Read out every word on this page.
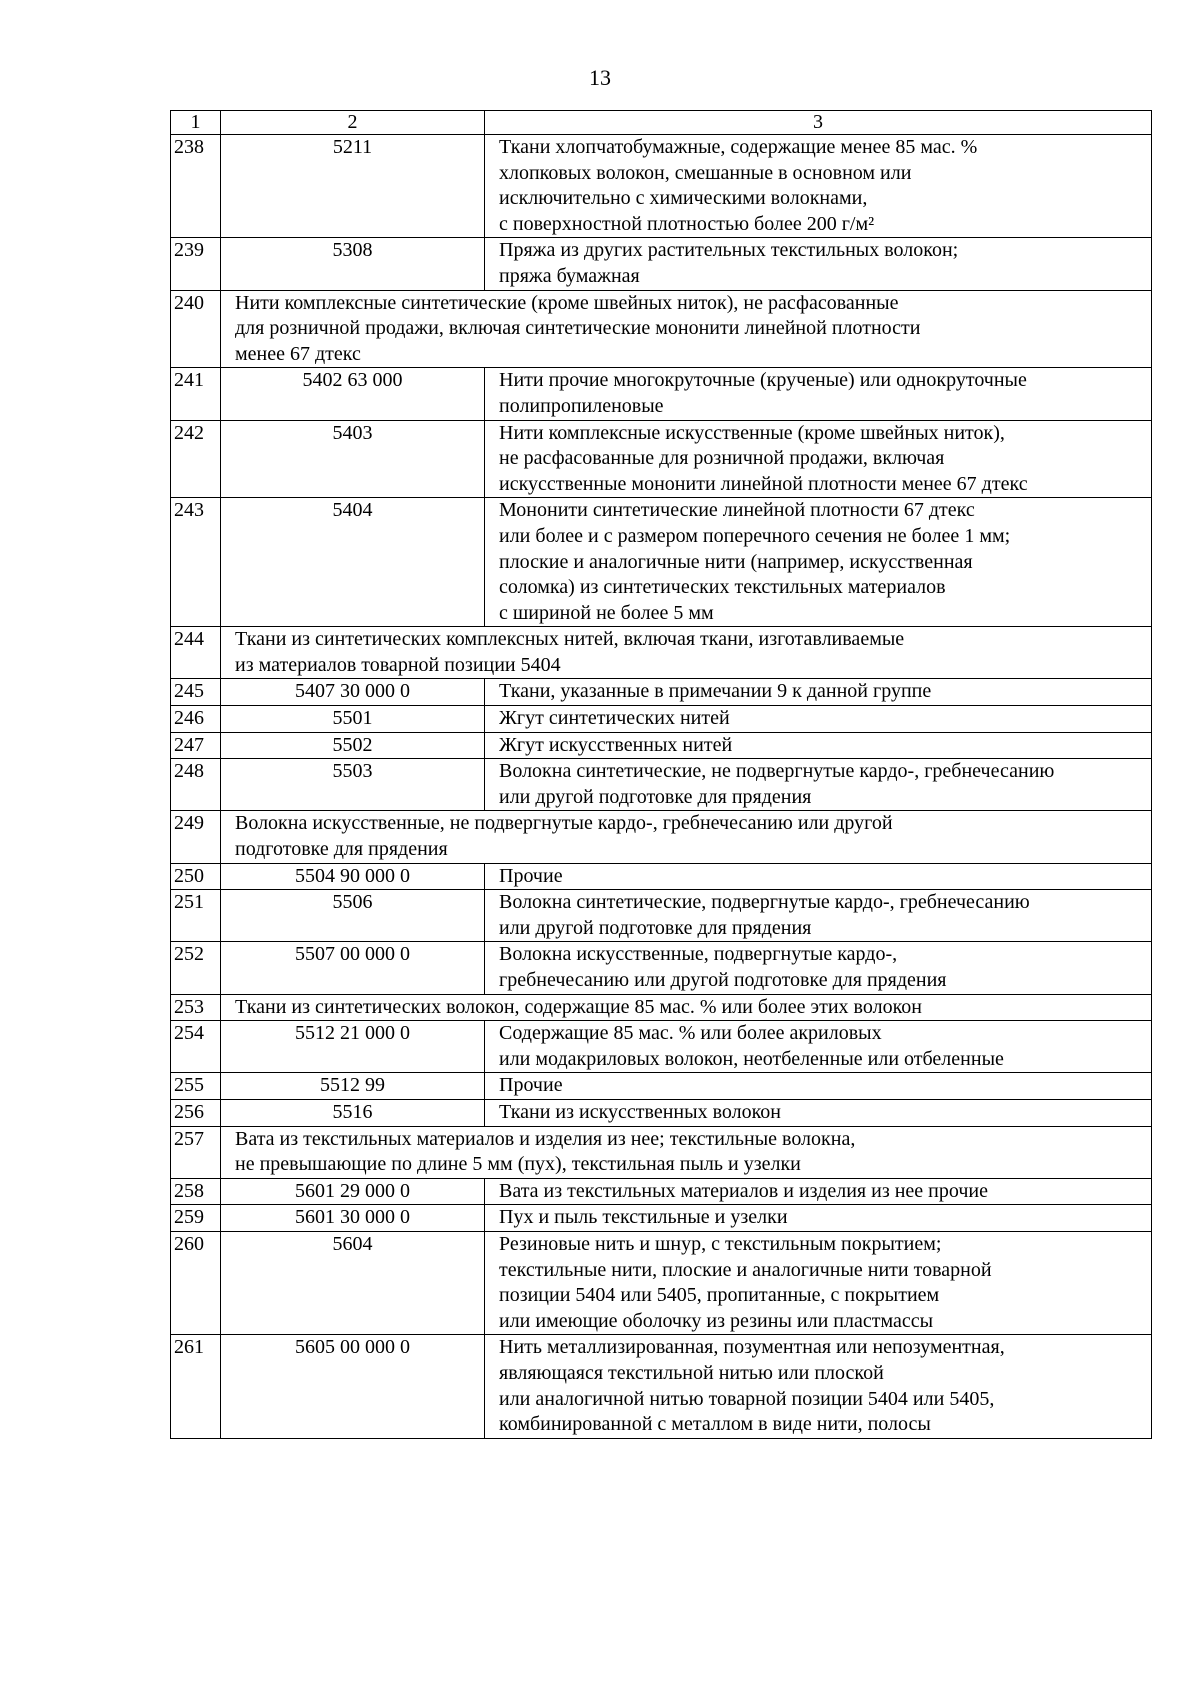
13
1	2	3
238	5211	Ткани хлопчатобумажные, содержащие менее 85 мас. %
хлопковых волокон, смешанные в основном или
исключительно с химическими волокнами,
с поверхностной плотностью более 200 г/м²

239	5308	Пряжа из других растительных текстильных волокон;
пряжа бумажная

240	Нити комплексные синтетические (кроме швейных ниток), не расфасованные
для розничной продажи, включая синтетические мононити линейной плотности
менее 67 дтекс	

241	5402 63 000	Нити прочие многокруточные (крученые) или однокруточные
полипропиленовые

242	5403	Нити комплексные искусственные (кроме швейных ниток),
не расфасованные для розничной продажи, включая
искусственные мононити линейной плотности менее 67 дтекс

243	5404	Мононити синтетические линейной плотности 67 дтекс
или более и с размером поперечного сечения не более 1 мм;
плоские и аналогичные нити (например, искусственная
соломка) из синтетических текстильных материалов
с шириной не более 5 мм

244	Ткани из синтетических комплексных нитей, включая ткани, изготавливаемые
из материалов товарной позиции 5404	

245	5407 30 000 0	Ткани, указанные в примечании 9 к данной группе

246	5501	Жгут синтетических нитей

247	5502	Жгут искусственных нитей

248	5503	Волокна синтетические, не подвергнутые кардо-, гребнечесанию
или другой подготовке для прядения

249	Волокна искусственные, не подвергнутые кардо-, гребнечесанию или другой
подготовке для прядения	

250	5504 90 000 0	Прочие

251	5506	Волокна синтетические, подвергнутые кардо-, гребнечесанию
или другой подготовке для прядения

252	5507 00 000 0	Волокна искусственные, подвергнутые кардо-,
гребнечесанию или другой подготовке для прядения

253	Ткани из синтетических волокон, содержащие 85 мас. % или более этих волокон	

254	5512 21 000 0	Содержащие 85 мас. % или более акриловых
или модакриловых волокон, неотбеленные или отбеленные

255	5512 99	Прочие

256	5516	Ткани из искусственных волокон

257	Вата из текстильных материалов и изделия из нее; текстильные волокна,
не превышающие по длине 5 мм (пух), текстильная пыль и узелки	

258	5601 29 000 0	Вата из текстильных материалов и изделия из нее прочие

259	5601 30 000 0	Пух и пыль текстильные и узелки

260	5604	Резиновые нить и шнур, с текстильным покрытием;
текстильные нити, плоские и аналогичные нити товарной
позиции 5404 или 5405, пропитанные, с покрытием
или имеющие оболочку из резины или пластмассы

261	5605 00 000 0	Нить металлизированная, позументная или непозументная,
являющаяся текстильной нитью или плоской
или аналогичной нитью товарной позиции 5404 или 5405,
комбинированной с металлом в виде нити, полосы
